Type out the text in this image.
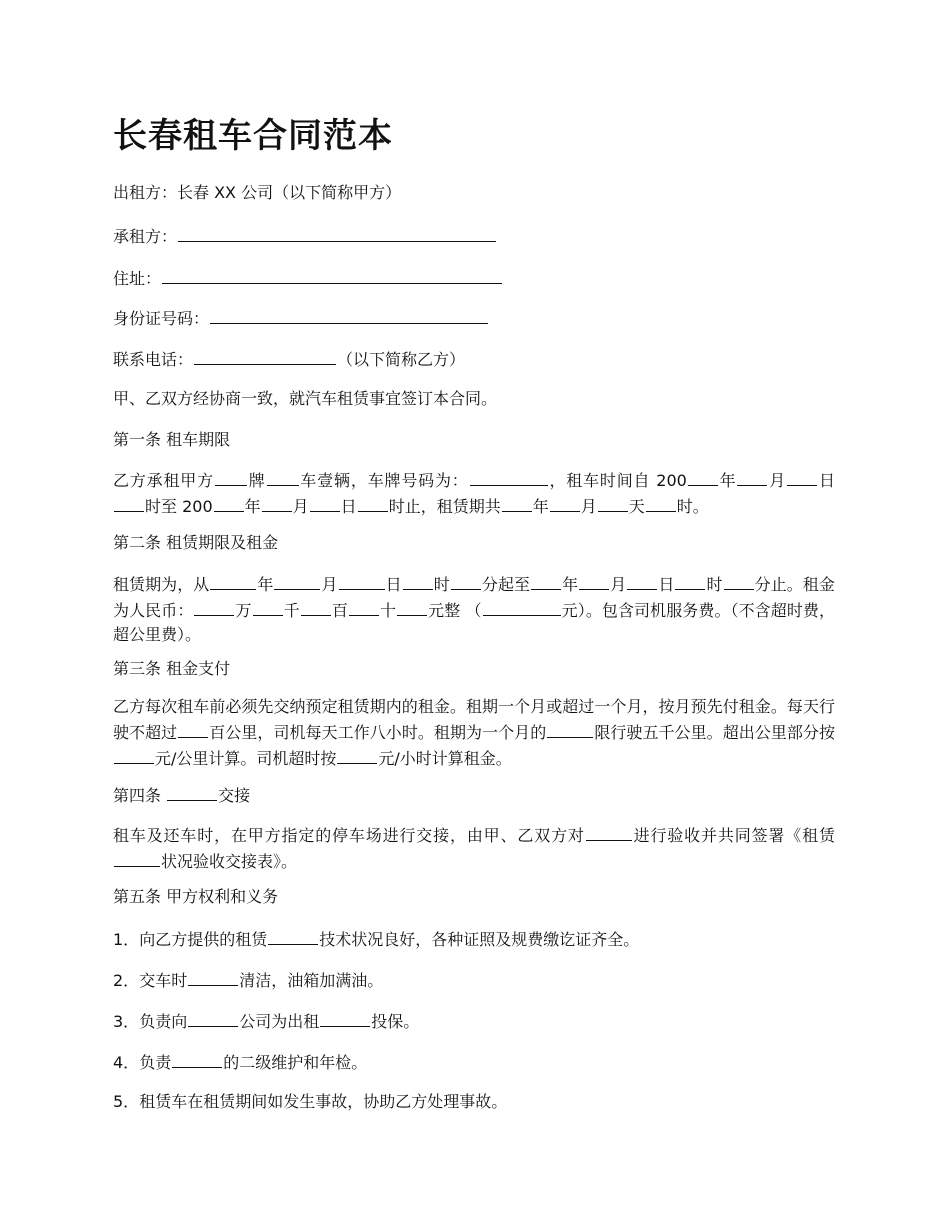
长春租车合同范本
出租方：长春 XX 公司（以下简称甲方）
承租方：
住址：
身份证号码：
联系电话：	（以下简称乙方）
甲、乙双方经协商一致，就汽车租赁事宜签订本合同。
第一条 租车期限
乙方承租甲方 牌 车壹辆，车牌号码为：	，租车时间自 200 年 月 日时至 200 年 月 日 时止，租赁期共 年 月 天 时。
第二条 租赁期限及租金
租赁期为，从	年	月	日 时 分起至 年 月 日 时 分止。租金为人民币：	万 千 百 十 元整 （	元）。包含司机服务费。（不含超时费，超公里费）。
第三条 租金支付
乙方每次租车前必须先交纳预定租赁期内的租金。租期一个月或超过一个月，按月预先付租金。每天行驶不超过 百公里，司机每天工作八小时。租期为一个月的	限行驶五千公里。超出公里部分按元/公里计算。司机超时按	元/小时计算租金。
第四条	交接
租车及还车时，在甲方指定的停车场进行交接，由甲、乙双方对	进行验收并共同签署《租赁状况验收交接表》。
第五条 甲方权利和义务
1．向乙方提供的租赁	技术状况良好，各种证照及规费缴讫证齐全。
2．交车时	清洁，油箱加满油。
3．负责向	公司为出租	投保。
4．负责	的二级维护和年检。
5．租赁车在租赁期间如发生事故，协助乙方处理事故。
